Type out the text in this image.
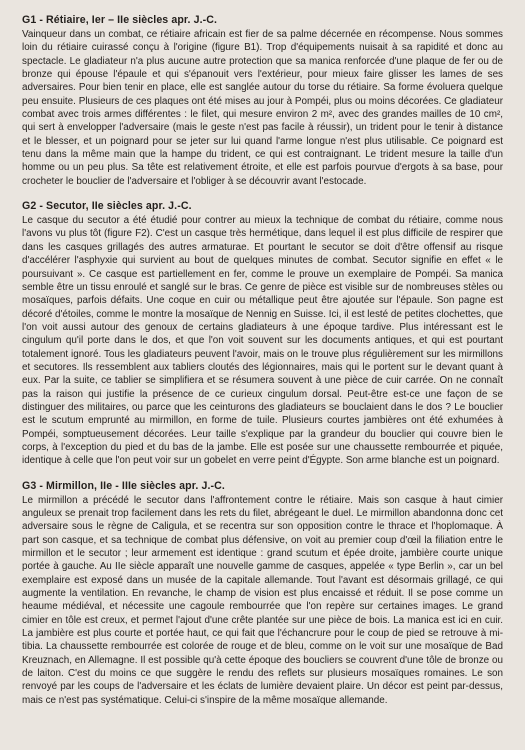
G1 - Rétiaire, Ier – IIe siècles apr. J.-C.

Vainqueur dans un combat, ce rétiaire africain est fier de sa palme décernée en récompense. Nous sommes loin du rétiaire cuirassé conçu à l'origine (figure B1). Trop d'équipements nuisait à sa rapidité et donc au spectacle. Le gladiateur n'a plus aucune autre protection que sa manica renforcée d'une plaque de fer ou de bronze qui épouse l'épaule et qui s'épanouit vers l'extérieur, pour mieux faire glisser les lames de ses adversaires. Pour bien tenir en place, elle est sanglée autour du torse du rétiaire. Sa forme évoluera quelque peu ensuite. Plusieurs de ces plaques ont été mises au jour à Pompéi, plus ou moins décorées. Ce gladiateur combat avec trois armes différentes : le filet, qui mesure environ 2 m², avec des grandes mailles de 10 cm², qui sert à envelopper l'adversaire (mais le geste n'est pas facile à réussir), un trident pour le tenir à distance et le blesser, et un poignard pour se jeter sur lui quand l'arme longue n'est plus utilisable. Ce poignard est tenu dans la même main que la hampe du trident, ce qui est contraignant. Le trident mesure la taille d'un homme ou un peu plus. Sa tête est relativement étroite, et elle est parfois pourvue d'ergots à sa base, pour crocheter le bouclier de l'adversaire et l'obliger à se découvrir avant l'estocade.

G2 - Secutor, IIe siècles apr. J.-C.

Le casque du secutor a été étudié pour contrer au mieux la technique de combat du rétiaire, comme nous l'avons vu plus tôt (figure F2). C'est un casque très hermétique, dans lequel il est plus difficile de respirer que dans les casques grillagés des autres armaturae. Et pourtant le secutor se doit d'être offensif au risque d'accélérer l'asphyxie qui survient au bout de quelques minutes de combat. Secutor signifie en effet « le poursuivant ». Ce casque est partiellement en fer, comme le prouve un exemplaire de Pompéi. Sa manica semble être un tissu enroulé et sanglé sur le bras. Ce genre de pièce est visible sur de nombreuses stèles ou mosaïques, parfois défaits. Une coque en cuir ou métallique peut être ajoutée sur l'épaule. Son pagne est décoré d'étoiles, comme le montre la mosaïque de Nennig en Suisse. Ici, il est lesté de petites clochettes, que l'on voit aussi autour des genoux de certains gladiateurs à une époque tardive. Plus intéressant est le cingulum qu'il porte dans le dos, et que l'on voit souvent sur les documents antiques, et qui est pourtant totalement ignoré. Tous les gladiateurs peuvent l'avoir, mais on le trouve plus régulièrement sur les mirmillons et secutores. Ils ressemblent aux tabliers cloutés des légionnaires, mais qui le portent sur le devant quant à eux. Par la suite, ce tablier se simplifiera et se résumera souvent à une pièce de cuir carrée. On ne connaît pas la raison qui justifie la présence de ce curieux cingulum dorsal. Peut-être est-ce une façon de se distinguer des militaires, ou parce que les ceinturons des gladiateurs se bouclaient dans le dos ? Le bouclier est le scutum emprunté au mirmillon, en forme de tuile. Plusieurs courtes jambières ont été exhumées à Pompéi, somptueusement décorées. Leur taille s'explique par la grandeur du bouclier qui couvre bien le corps, à l'exception du pied et du bas de la jambe. Elle est posée sur une chaussette rembourrée et piquée, identique à celle que l'on peut voir sur un gobelet en verre peint d'Égypte. Son arme blanche est un poignard.

G3 - Mirmillon, IIe - IIIe siècles apr. J.-C.

Le mirmillon a précédé le secutor dans l'affrontement contre le rétiaire. Mais son casque à haut cimier anguleux se prenait trop facilement dans les rets du filet, abrégeant le duel. Le mirmillon abandonna donc cet adversaire sous le règne de Caligula, et se recentra sur son opposition contre le thrace et l'hoplomaque. À part son casque, et sa technique de combat plus défensive, on voit au premier coup d'œil la filiation entre le mirmillon et le secutor ; leur armement est identique : grand scutum et épée droite, jambière courte unique portée à gauche. Au IIe siècle apparaît une nouvelle gamme de casques, appelée « type Berlin », car un bel exemplaire est exposé dans un musée de la capitale allemande. Tout l'avant est désormais grillagé, ce qui augmente la ventilation. En revanche, le champ de vision est plus encaissé et réduit. Il se pose comme un heaume médiéval, et nécessite une cagoule rembourrée que l'on repère sur certaines images. Le grand cimier en tôle est creux, et permet l'ajout d'une crête plantée sur une pièce de bois. La manica est ici en cuir. La jambière est plus courte et portée haut, ce qui fait que l'échancrure pour le coup de pied se retrouve à mi-tibia. La chaussette rembourrée est colorée de rouge et de bleu, comme on le voit sur une mosaïque de Bad Kreuznach, en Allemagne. Il est possible qu'à cette époque des boucliers se couvrent d'une tôle de bronze ou de laiton. C'est du moins ce que suggère le rendu des reflets sur plusieurs mosaïques romaines. Le son renvoyé par les coups de l'adversaire et les éclats de lumière devaient plaire. Un décor est peint par-dessus, mais ce n'est pas systématique. Celui-ci s'inspire de la même mosaïque allemande.
